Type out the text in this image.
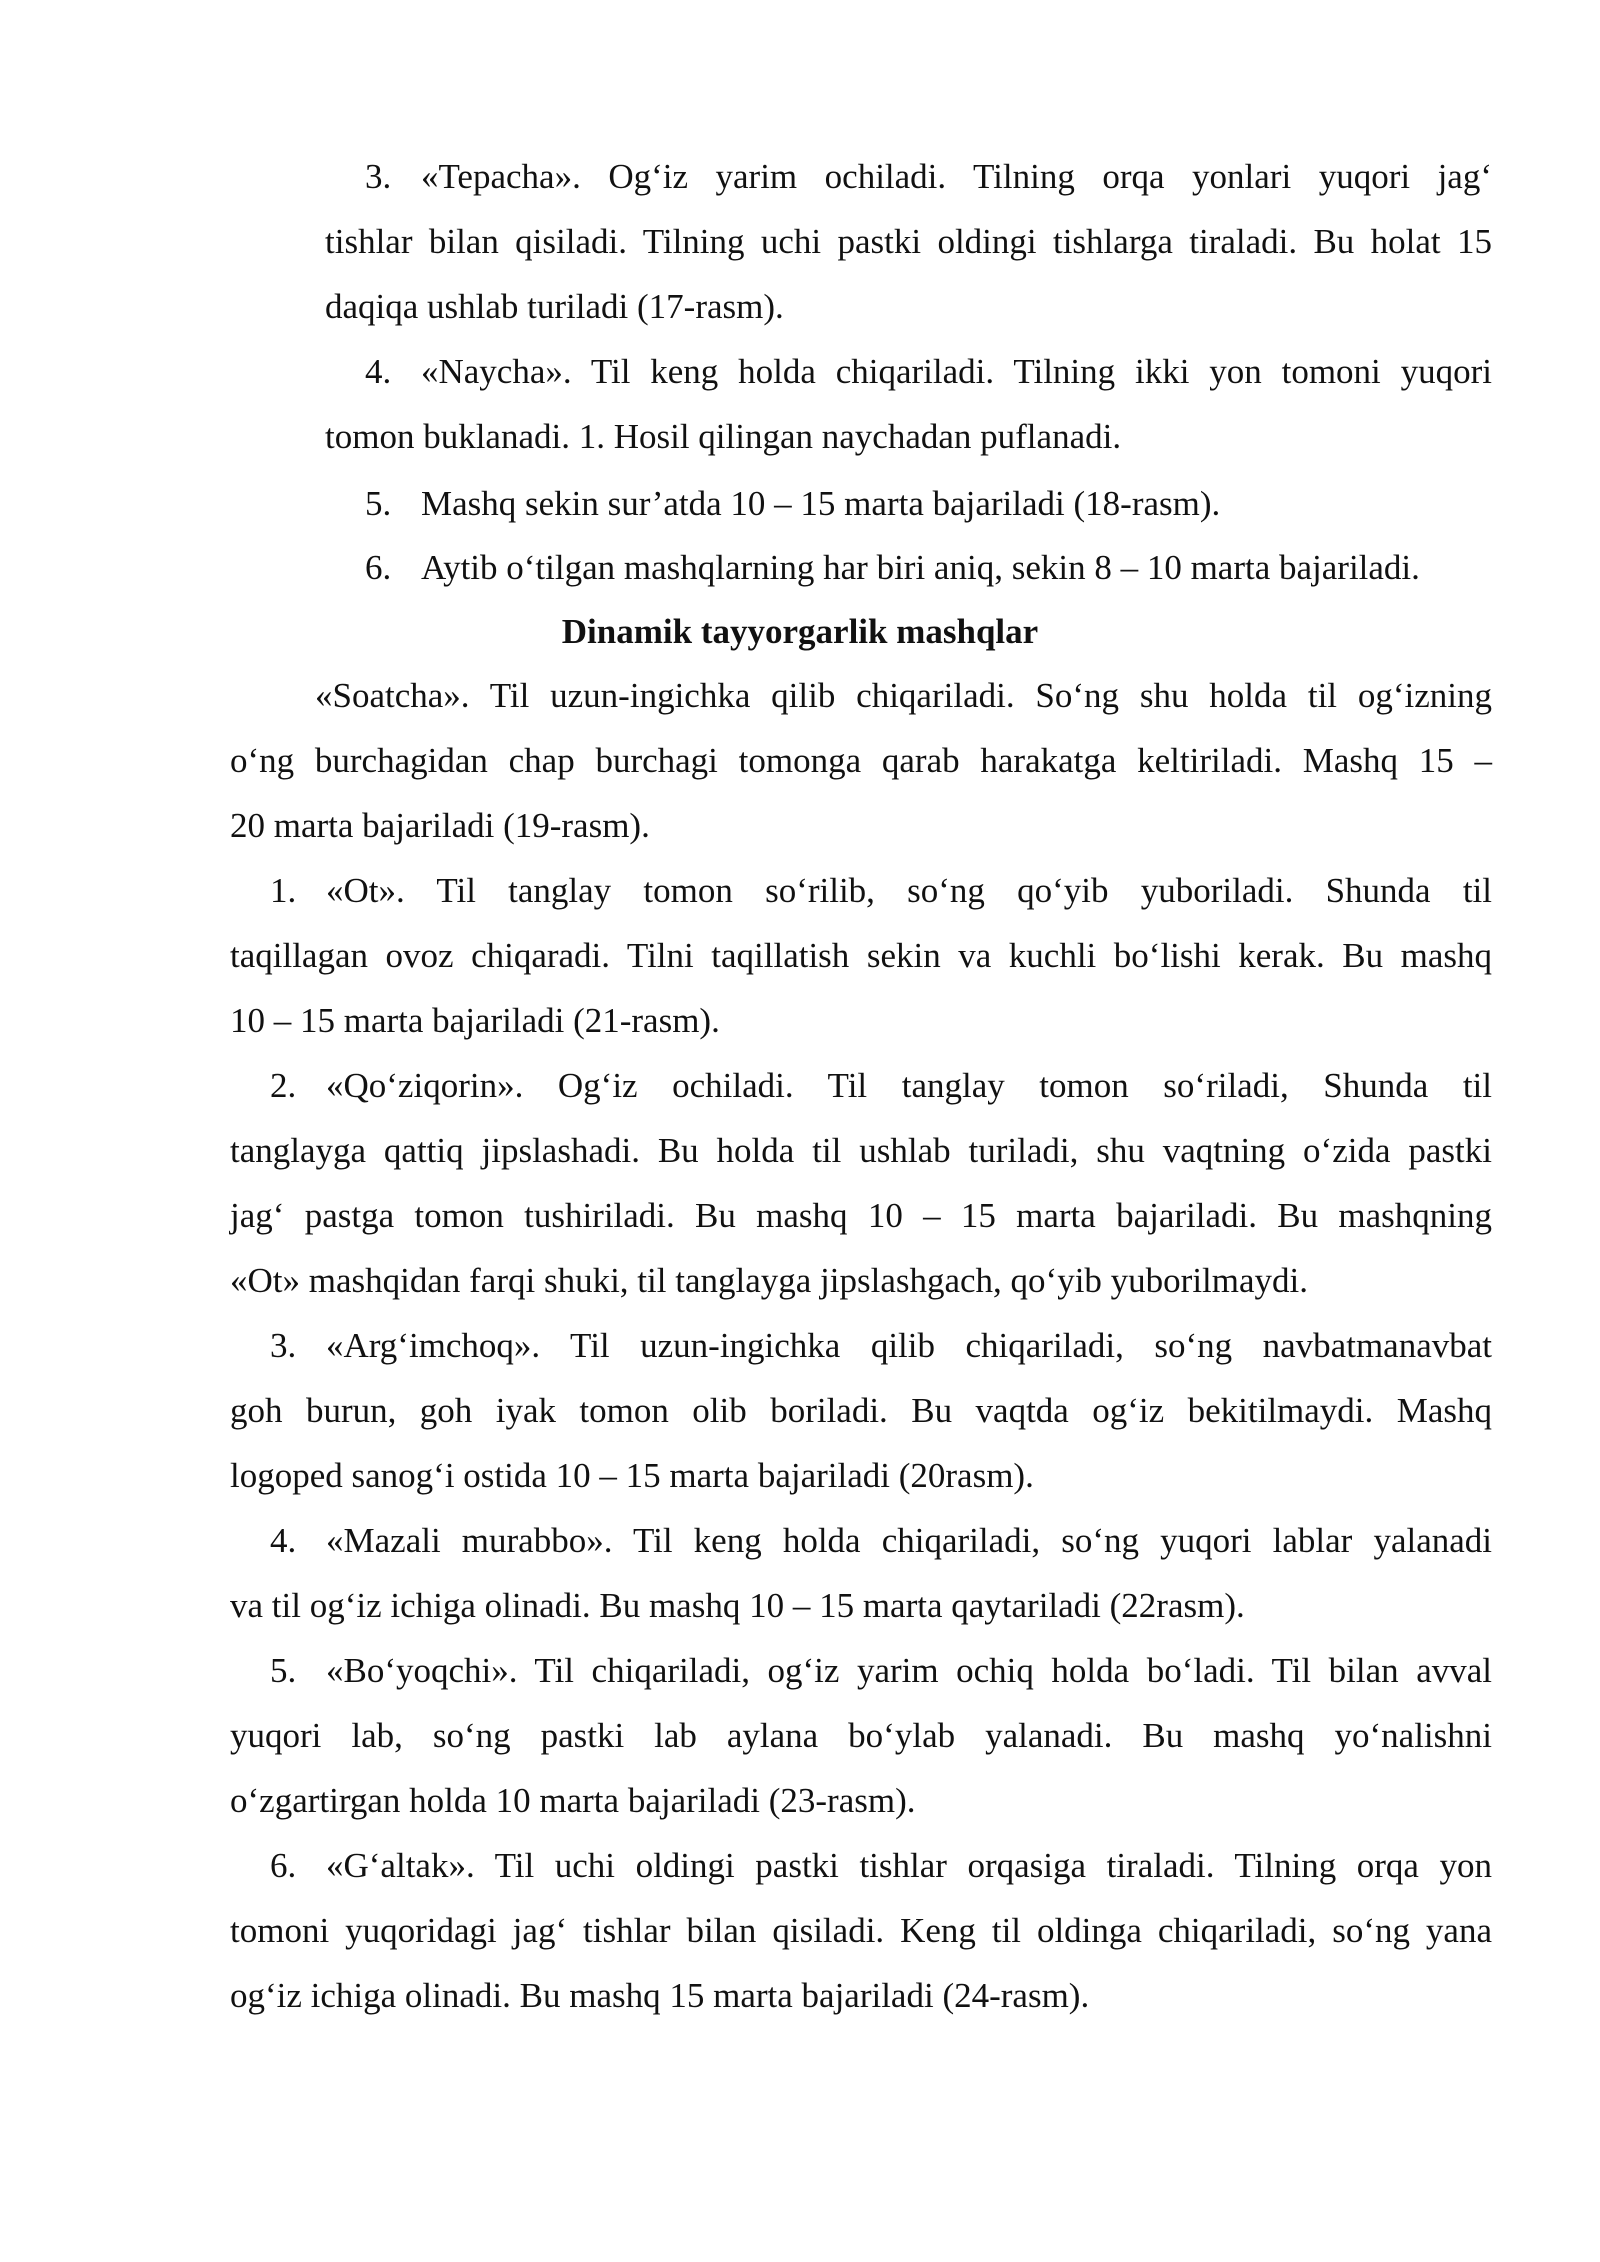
3. «Tepacha». Og‘iz yarim ochiladi. Tilning orqa yonlari yuqori jag‘

tishlar bilan qisiladi. Tilning uchi pastki oldingi tishlarga tiraladi. Bu holat 15

daqiqa ushlab turiladi (17-rasm).

4. «Naycha». Til keng holda chiqariladi. Tilning ikki yon tomoni yuqori

tomon buklanadi. 1. Hosil qilingan naychadan puflanadi.

5. Mashq sekin sur’atda 10 – 15 marta bajariladi (18-rasm).

6. Aytib o‘tilgan mashqlarning har biri aniq, sekin 8 – 10 marta bajariladi.

Dinamik tayyorgarlik mashqlar

«Soatcha». Til uzun-ingichka qilib chiqariladi. So‘ng shu holda til og‘izning

o‘ng burchagidan chap burchagi tomonga qarab harakatga keltiriladi. Mashq 15 –

20 marta bajariladi (19-rasm).

1. «Ot». Til tanglay tomon so‘rilib, so‘ng qo‘yib yuboriladi. Shunda til

taqillagan ovoz chiqaradi. Tilni taqillatish sekin va kuchli bo‘lishi kerak. Bu mashq

10 – 15 marta bajariladi (21-rasm).

2. «Qo‘ziqorin». Og‘iz ochiladi. Til tanglay tomon so‘riladi, Shunda til

tanglayga qattiq jipslashadi. Bu holda til ushlab turiladi, shu vaqtning o‘zida pastki

jag‘ pastga tomon tushiriladi. Bu mashq 10 – 15 marta bajariladi. Bu mashqning

«Ot» mashqidan farqi shuki, til tanglayga jipslashgach, qo‘yib yuborilmaydi.

3. «Arg‘imchoq». Til uzun-ingichka qilib chiqariladi, so‘ng navbatmanavbat

goh burun, goh iyak tomon olib boriladi. Bu vaqtda og‘iz bekitilmaydi. Mashq

logoped sanog‘i ostida 10 – 15 marta bajariladi (20rasm).

4. «Mazali murabbo». Til keng holda chiqariladi, so‘ng yuqori lablar yalanadi

va til og‘iz ichiga olinadi. Bu mashq 10 – 15 marta qaytariladi (22rasm).

5. «Bo‘yoqchi». Til chiqariladi, og‘iz yarim ochiq holda bo‘ladi. Til bilan avval

yuqori lab, so‘ng pastki lab aylana bo‘ylab yalanadi. Bu mashq yo‘nalishni

o‘zgartirgan holda 10 marta bajariladi (23-rasm).

6. «G‘altak». Til uchi oldingi pastki tishlar orqasiga tiraladi. Tilning orqa yon

tomoni yuqoridagi jag‘ tishlar bilan qisiladi. Keng til oldinga chiqariladi, so‘ng yana

og‘iz ichiga olinadi. Bu mashq 15 marta bajariladi (24-rasm).
